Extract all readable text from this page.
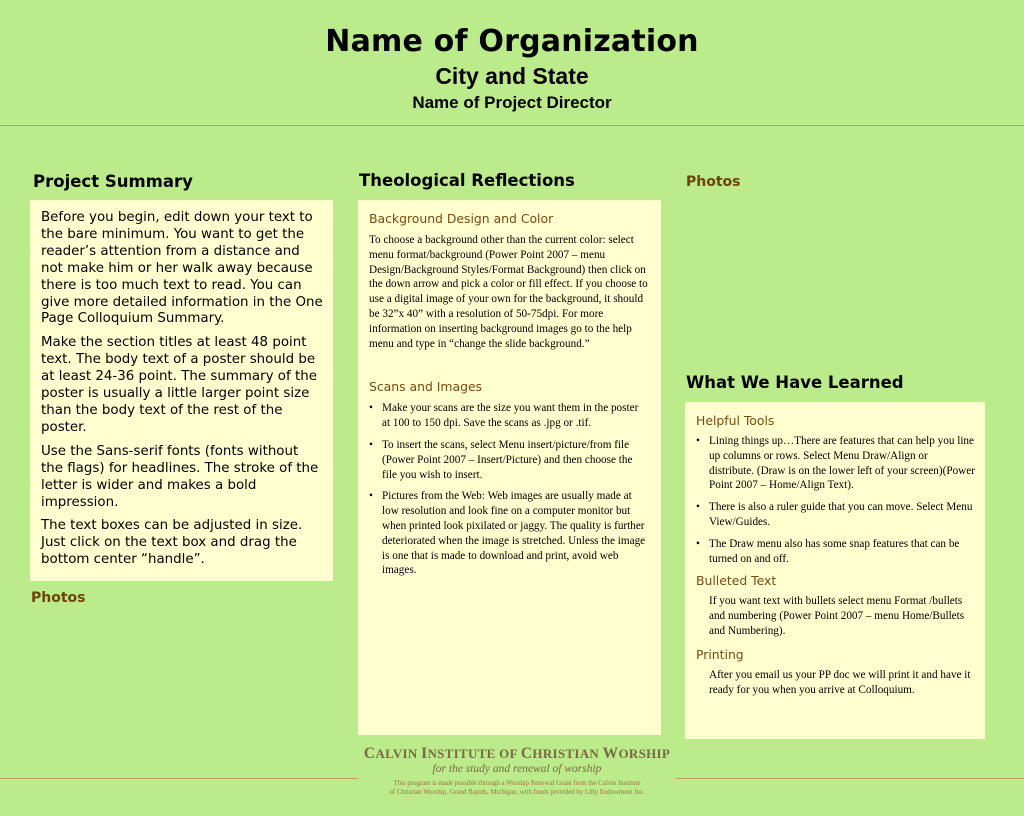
Name of Organization
City and State
Name of Project Director
Project Summary

Before you begin, edit down your text to the bare minimum. You want to get the reader’s attention from a distance and not make him or her walk away because there is too much text to read. You can give more detailed information in the One Page Colloquium Summary.

Make the section titles at least 48 point text. The body text of a poster should be at least 24-36 point. The summary of the poster is usually a little larger point size than the body text of the rest of the poster.

Use the Sans-serif fonts (fonts without the flags) for headlines. The stroke of the letter is wider and makes a bold impression.

The text boxes can be adjusted in size. Just click on the text box and drag the bottom center “handle”.

Photos
Theological Reflections
Background Design and Color

To choose a background other than the current color: select menu format/background (Power Point 2007 – menu Design/Background Styles/Format Background) then click on the down arrow and pick a color or fill effect. If you choose to use a digital image of your own for the background, it should be 32”x 40” with a resolution of 50-75dpi. For more information on inserting background images go to the help menu and type in “change the slide background.”

Scans and Images
• Make your scans are the size you want them in the poster at 100 to 150 dpi. Save the scans as .jpg or .tif.
• To insert the scans, select Menu insert/picture/from file (Power Point 2007 – Insert/Picture) and then choose the file you wish to insert.
• Pictures from the Web: Web images are usually made at low resolution and look fine on a computer monitor but when printed look pixilated or jaggy. The quality is further deteriorated when the image is stretched. Unless the image is one that is made to download and print, avoid web images.
Photos
What We Have Learned
Helpful Tools
• Lining things up…There are features that can help you line up columns or rows. Select Menu Draw/Align or distribute. (Draw is on the lower left of your screen)(Power Point 2007 – Home/Align Text).
• There is also a ruler guide that you can move. Select Menu View/Guides.
• The Draw menu also has some snap features that can be turned on and off.
Bulleted Text

If you want text with bullets select menu Format /bullets and numbering (Power Point 2007 – menu Home/Bullets and Numbering).

Printing

After you email us your PP doc we will print it and have it ready for you when you arrive at Colloquium.

CALVIN INSTITUTE OF CHRISTIAN WORSHIP
for the study and renewal of worship
This program is made possible through a Worship Renewal Grant from the Calvin Institute
of Christian Worship, Grand Rapids, Michigan, with funds provided by Lilly Endowment Inc.
